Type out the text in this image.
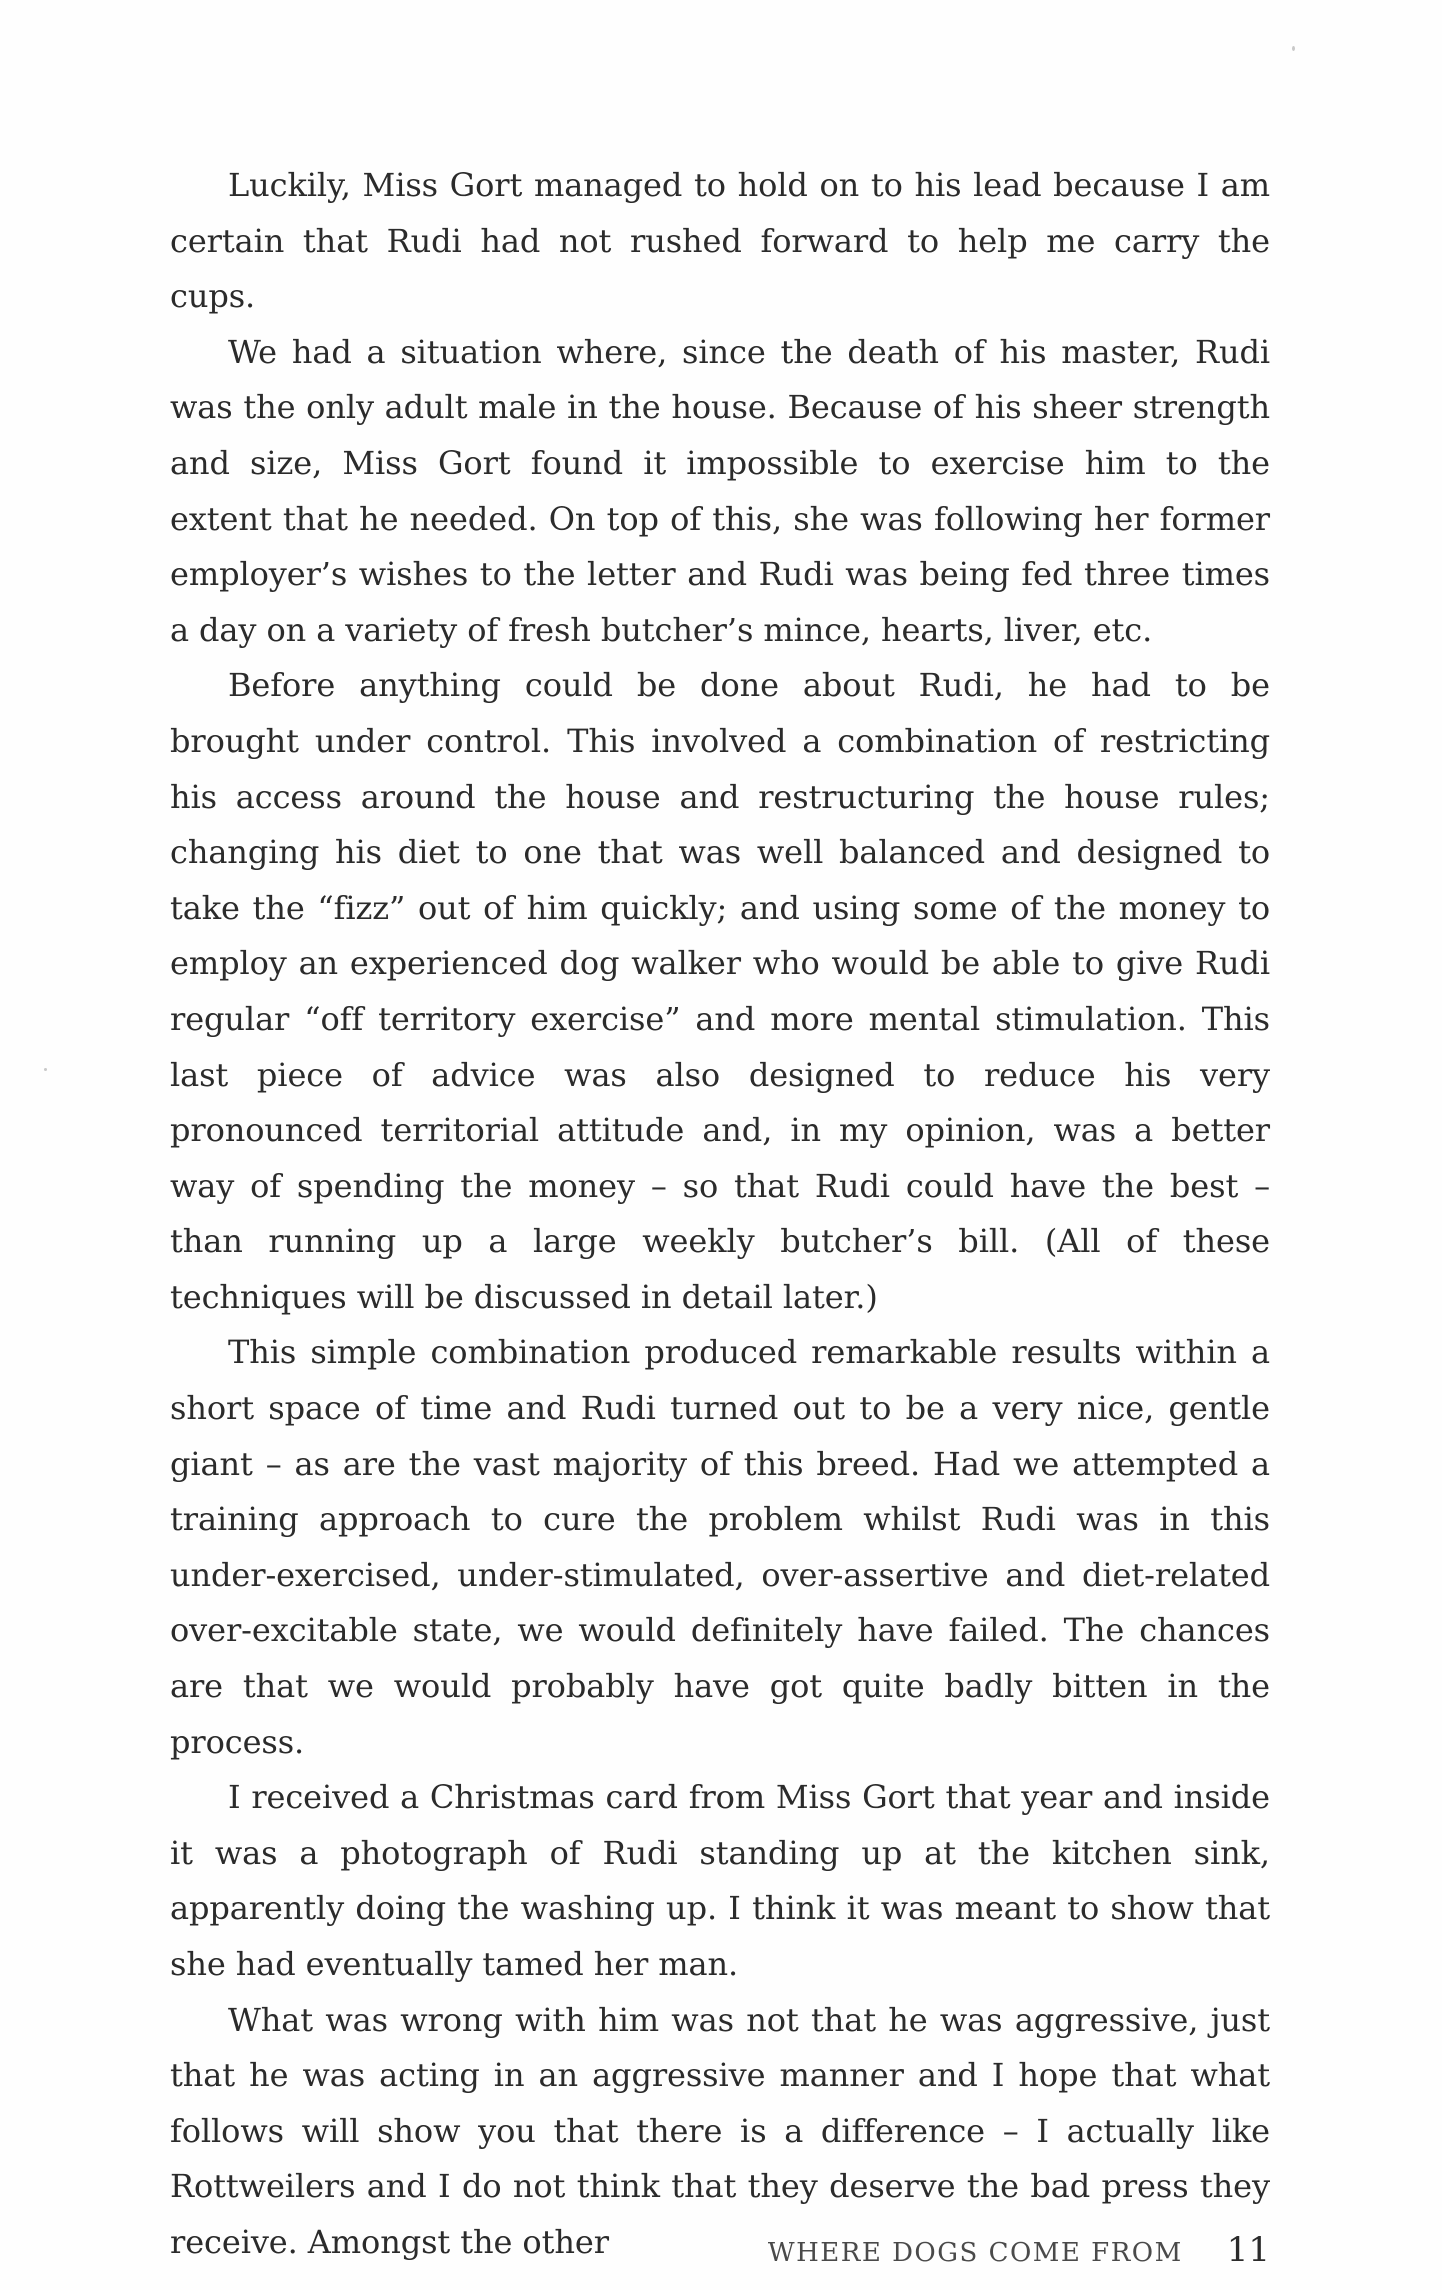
Luckily, Miss Gort managed to hold on to his lead because I am certain that Rudi had not rushed forward to help me carry the cups.

We had a situation where, since the death of his master, Rudi was the only adult male in the house. Because of his sheer strength and size, Miss Gort found it impossible to exercise him to the extent that he needed. On top of this, she was following her former employer’s wishes to the letter and Rudi was being fed three times a day on a variety of fresh butcher’s mince, hearts, liver, etc.

Before anything could be done about Rudi, he had to be brought under control. This involved a combination of restricting his access around the house and restructuring the house rules; changing his diet to one that was well balanced and designed to take the “fizz” out of him quickly; and using some of the money to employ an experienced dog walker who would be able to give Rudi regular “off territory exercise” and more mental stimulation. This last piece of advice was also designed to reduce his very pronounced territorial attitude and, in my opinion, was a better way of spending the money – so that Rudi could have the best – than running up a large weekly butcher’s bill. (All of these techniques will be discussed in detail later.)

This simple combination produced remarkable results within a short space of time and Rudi turned out to be a very nice, gentle giant – as are the vast majority of this breed. Had we attempted a training approach to cure the problem whilst Rudi was in this under-exercised, under-stimulated, over-assertive and diet-related over-excitable state, we would definitely have failed. The chances are that we would probably have got quite badly bitten in the process.

I received a Christmas card from Miss Gort that year and inside it was a photograph of Rudi standing up at the kitchen sink, apparently doing the washing up. I think it was meant to show that she had eventually tamed her man.

What was wrong with him was not that he was aggressive, just that he was acting in an aggressive manner and I hope that what follows will show you that there is a difference – I actually like Rottweilers and I do not think that they deserve the bad press they receive. Amongst the other	WHERE DOGS COME FROM 11
